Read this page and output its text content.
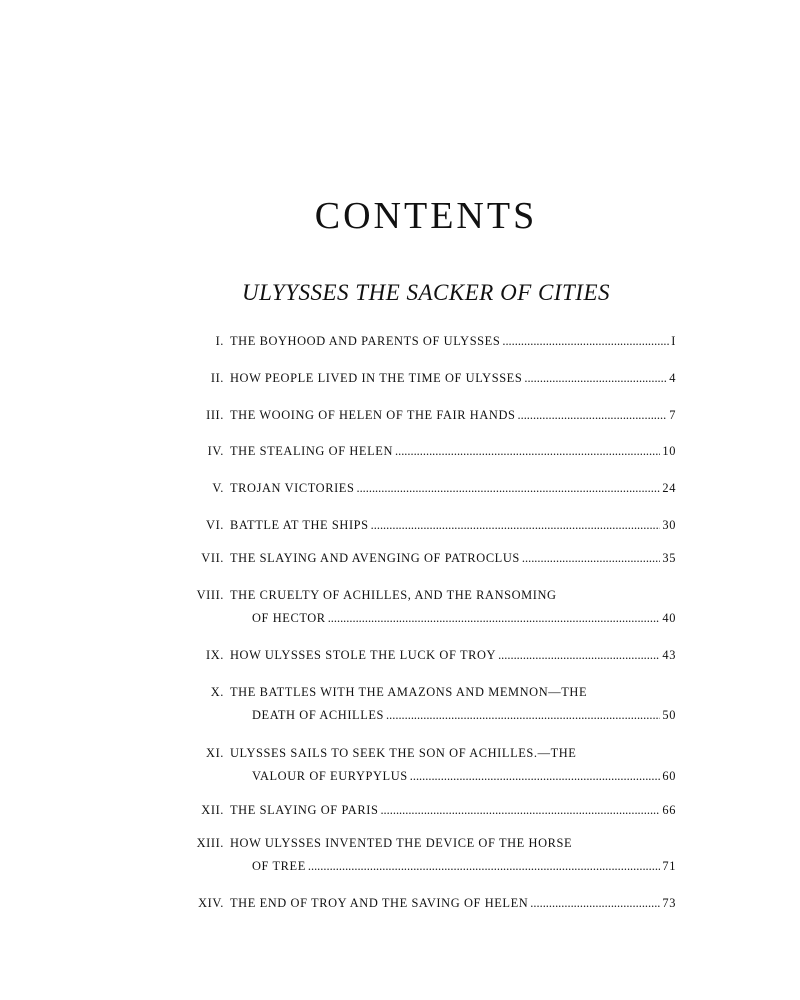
CONTENTS
ULYYSSES THE SACKER OF CITIES
I. THE BOYHOOD AND PARENTS OF ULYSSES .....	I
II. HOW PEOPLE LIVED IN THE TIME OF ULYSSES .....	4
III. THE WOOING OF HELEN OF THE FAIR HANDS .....	7
IV. THE STEALING OF HELEN .....	10
V. TROJAN VICTORIES .....	24
VI. BATTLE AT THE SHIPS .....	30
VII. THE SLAYING AND AVENGING OF PATROCLUS .....	35
VIII. THE CRUELTY OF ACHILLES, AND THE RANSOMING
OF HECTOR .....	40
IX. HOW ULYSSES STOLE THE LUCK OF TROY .....	43
X. THE BATTLES WITH THE AMAZONS AND MEMNON—THE
DEATH OF ACHILLES .....	50
XI. ULYSSES SAILS TO SEEK THE SON OF ACHILLES.—THE
VALOUR OF EURYPYLUS .....	60
XII. THE SLAYING OF PARIS .....	66
XIII. HOW ULYSSES INVENTED THE DEVICE OF THE HORSE
OF TREE .....	71
XIV. THE END OF TROY AND THE SAVING OF HELEN .....	73
